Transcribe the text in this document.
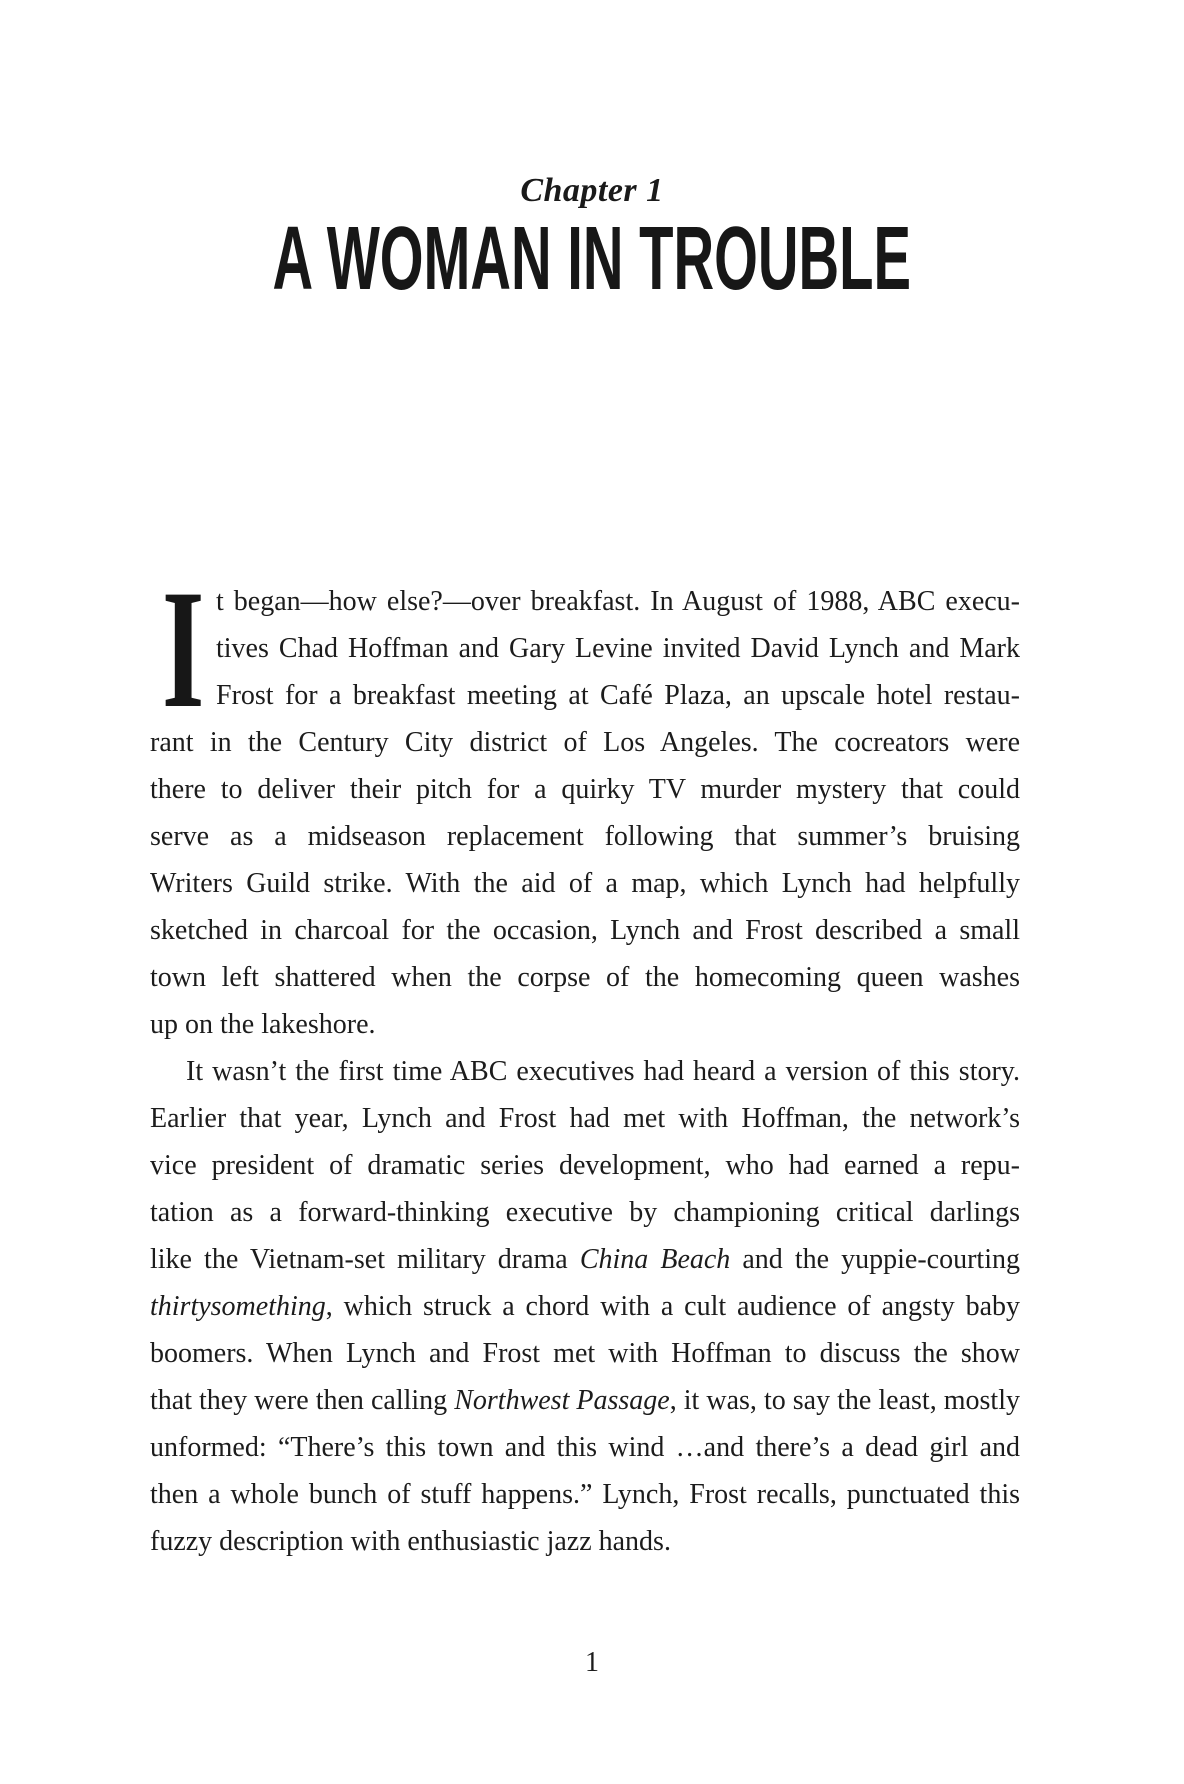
Chapter 1
A WOMAN IN TROUBLE
I t began—how else?—over breakfast. In August of 1988, ABC execu-
tives Chad Hoffman and Gary Levine invited David Lynch and Mark
Frost for a breakfast meeting at Café Plaza, an upscale hotel restau-
rant in the Century City district of Los Angeles. The cocreators were
there to deliver their pitch for a quirky TV murder mystery that could
serve as a midseason replacement following that summer’s bruising
Writers Guild strike. With the aid of a map, which Lynch had helpfully
sketched in charcoal for the occasion, Lynch and Frost described a small
town left shattered when the corpse of the homecoming queen washes
up on the lakeshore.
It wasn’t the first time ABC executives had heard a version of this story.
Earlier that year, Lynch and Frost had met with Hoffman, the network’s
vice president of dramatic series development, who had earned a repu-
tation as a forward-thinking executive by championing critical darlings
like the Vietnam-set military drama China Beach and the yuppie-courting
thirtysomething, which struck a chord with a cult audience of angsty baby
boomers. When Lynch and Frost met with Hoffman to discuss the show
that they were then calling Northwest Passage, it was, to say the least, mostly
unformed: “There’s this town and this wind …and there’s a dead girl and
then a whole bunch of stuff happens.” Lynch, Frost recalls, punctuated this
fuzzy description with enthusiastic jazz hands.
1
